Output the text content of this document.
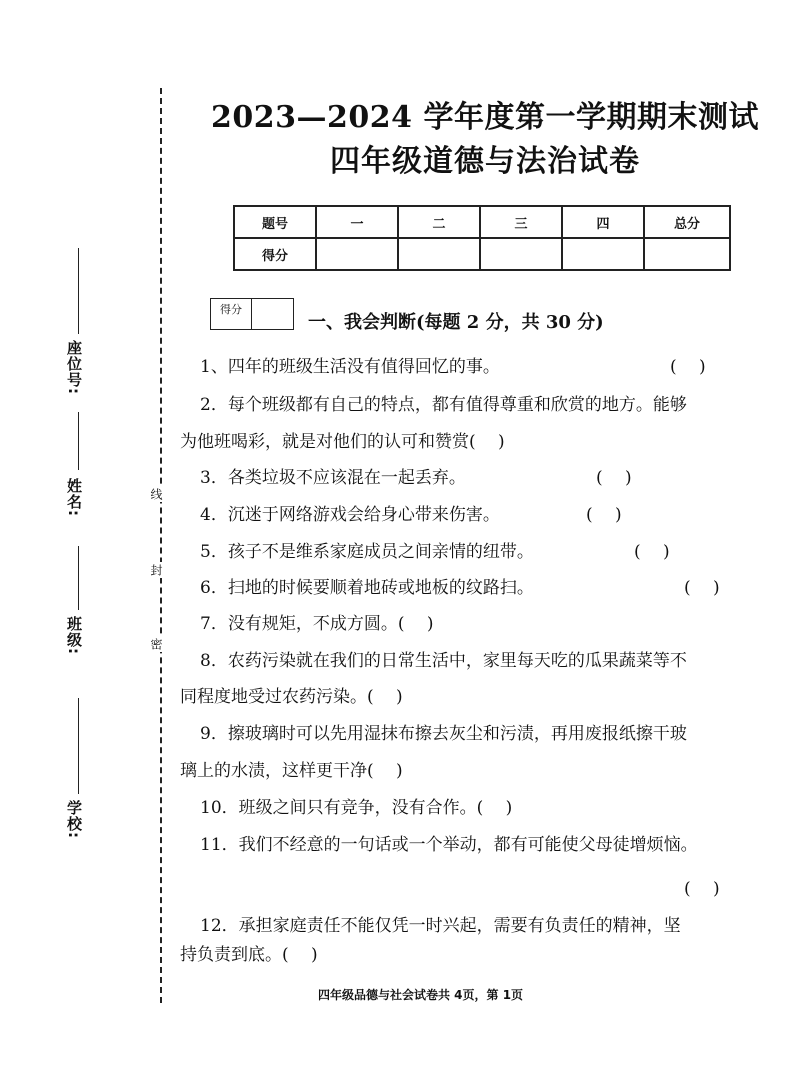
座位号:
姓名:
班级:
学校:
线
封
密
2023—2024 学年度第一学期期末测试
四年级道德与法治试卷
题号	一	二	三	四	总分
得分					
得分
一、我会判断(每题 2 分，共 30 分)
1、四年的班级生活没有值得回忆的事。	(　 )
2．每个班级都有自己的特点，都有值得尊重和欣赏的地方。能够
为他班喝彩，就是对他们的认可和赞赏(　 )
3．各类垃圾不应该混在一起丢弃。	(　 )
4．沉迷于网络游戏会给身心带来伤害。	(　 )
5．孩子不是维系家庭成员之间亲情的纽带。	(　 )
6．扫地的时候要顺着地砖或地板的纹路扫。	(　 )
7．没有规矩，不成方圆。(　 )
8．农药污染就在我们的日常生活中，家里每天吃的瓜果蔬菜等不
同程度地受过农药污染。(　 )
9．擦玻璃时可以先用湿抹布擦去灰尘和污渍，再用废报纸擦干玻
璃上的水渍，这样更干净(　 )
10．班级之间只有竞争，没有合作。(　 )
11．我们不经意的一句话或一个举动，都有可能使父母徒增烦恼。
(　 )
12．承担家庭责任不能仅凭一时兴起，需要有负责任的精神，坚
持负责到底。(　 )
四年级品德与社会试卷共 4页，第 1页
